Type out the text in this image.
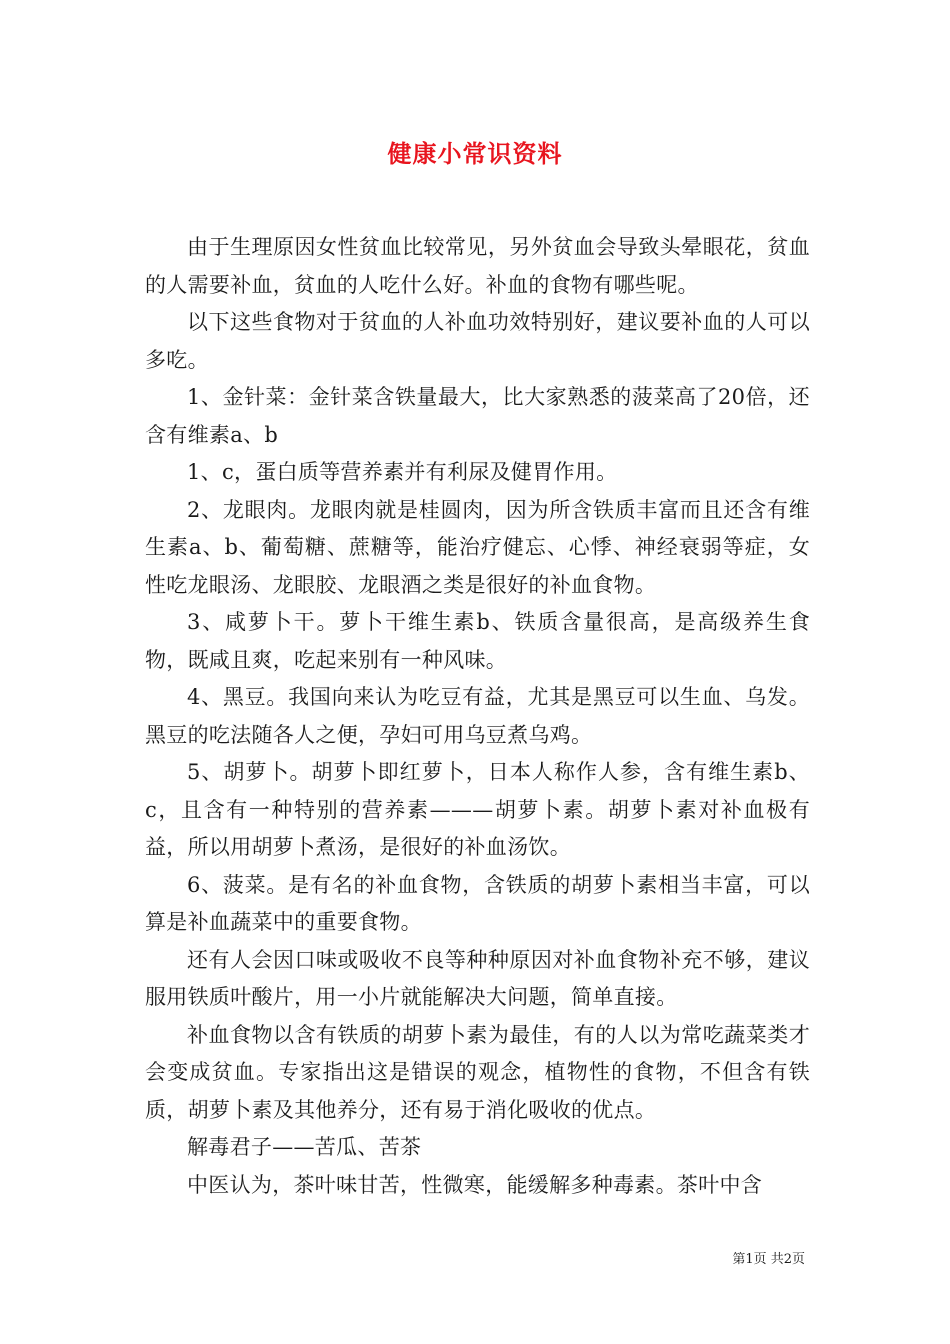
健康小常识资料

由于生理原因女性贫血比较常见，另外贫血会导致头晕眼花，贫血的人需要补血，贫血的人吃什么好。补血的食物有哪些呢。

以下这些食物对于贫血的人补血功效特别好，建议要补血的人可以多吃。

1、金针菜：金针菜含铁量最大，比大家熟悉的菠菜高了20倍，还含有维素a、b

1、c，蛋白质等营养素并有利尿及健胃作用。

2、龙眼肉。龙眼肉就是桂圆肉，因为所含铁质丰富而且还含有维生素a、b、葡萄糖、蔗糖等，能治疗健忘、心悸、神经衰弱等症，女性吃龙眼汤、龙眼胶、龙眼酒之类是很好的补血食物。

3、咸萝卜干。萝卜干维生素b、铁质含量很高，是高级养生食物，既咸且爽，吃起来别有一种风味。

4、黑豆。我国向来认为吃豆有益，尤其是黑豆可以生血、乌发。黑豆的吃法随各人之便，孕妇可用乌豆煮乌鸡。

5、胡萝卜。胡萝卜即红萝卜，日本人称作人参，含有维生素b、c，且含有一种特别的营养素———胡萝卜素。胡萝卜素对补血极有益，所以用胡萝卜煮汤，是很好的补血汤饮。

6、菠菜。是有名的补血食物，含铁质的胡萝卜素相当丰富，可以算是补血蔬菜中的重要食物。

还有人会因口味或吸收不良等种种原因对补血食物补充不够，建议服用铁质叶酸片，用一小片就能解决大问题，简单直接。

补血食物以含有铁质的胡萝卜素为最佳，有的人以为常吃蔬菜类才会变成贫血。专家指出这是错误的观念，植物性的食物，不但含有铁质，胡萝卜素及其他养分，还有易于消化吸收的优点。

解毒君子——苦瓜、苦茶

中医认为，茶叶味甘苦，性微寒，能缓解多种毒素。茶叶中含

第1页 共2页
